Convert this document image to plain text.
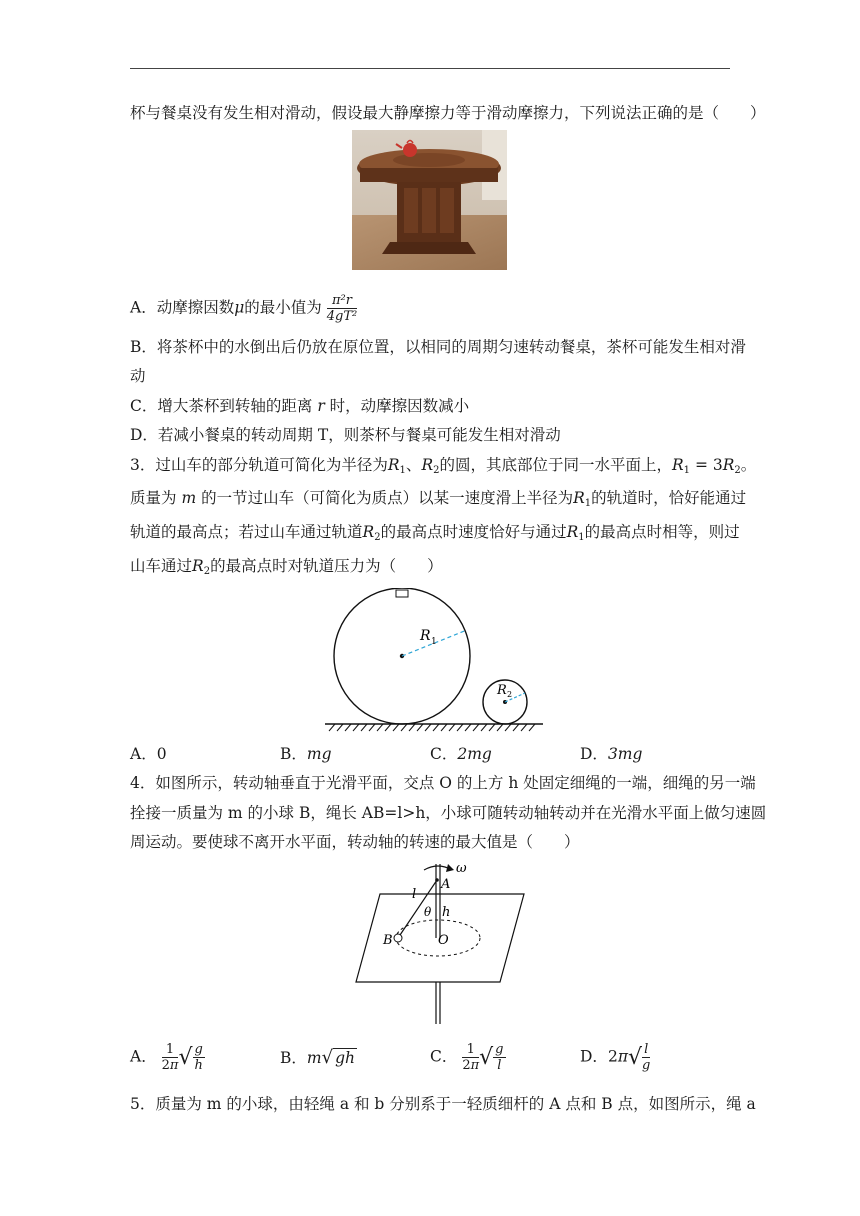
杯与餐桌没有发生相对滑动，假设最大静摩擦力等于滑动摩擦力，下列说法正确的是（　　）
A．动摩擦因数μ的最小值为 $\frac{\text{π²r}}{\text{4gT²}}$
B．将茶杯中的水倒出后仍放在原位置，以相同的周期匀速转动餐桌，茶杯可能发生相对滑
动
C．增大茶杯到转轴的距离 r 时，动摩擦因数减小
D．若减小餐桌的转动周期 T，则茶杯与餐桌可能发生相对滑动
3．过山车的部分轨道可简化为半径为$R_1$、$R_2$的圆，其底部位于同一水平面上，$R_1 = 3R_2$。
质量为 m 的一节过山车（可简化为质点）以某一速度滑上半径为$R_1$的轨道时，恰好能通过
轨道的最高点；若过山车通过轨道$R_2$的最高点时速度恰好与通过$R_1$的最高点时相等，则过
山车通过$R_2$的最高点时对轨道压力为（　　）
R 1
R 2
A．0	B．mg	C．2mg	D．3mg
4．如图所示，转动轴垂直于光滑平面，交点 O 的上方 h 处固定细绳的一端，细绳的另一端
拴接一质量为 m 的小球 B，绳长 AB=l>h，小球可随转动轴转动并在光滑水平面上做匀速圆
周运动。要使球不离开水平面，转动轴的转速的最大值是（　　）
ω
A
l
θ h
B	O
A． $\frac{1}{2\pi}$ √ $\frac{g}{h}$	B．m√ gh	C． $\frac{1}{2\pi}$ √ $\frac{g}{l}$	D．$2\pi√ \frac{l}{g}$
5．质量为 m 的小球，由轻绳 a 和 b 分别系于一轻质细杆的 A 点和 B 点，如图所示，绳 a
